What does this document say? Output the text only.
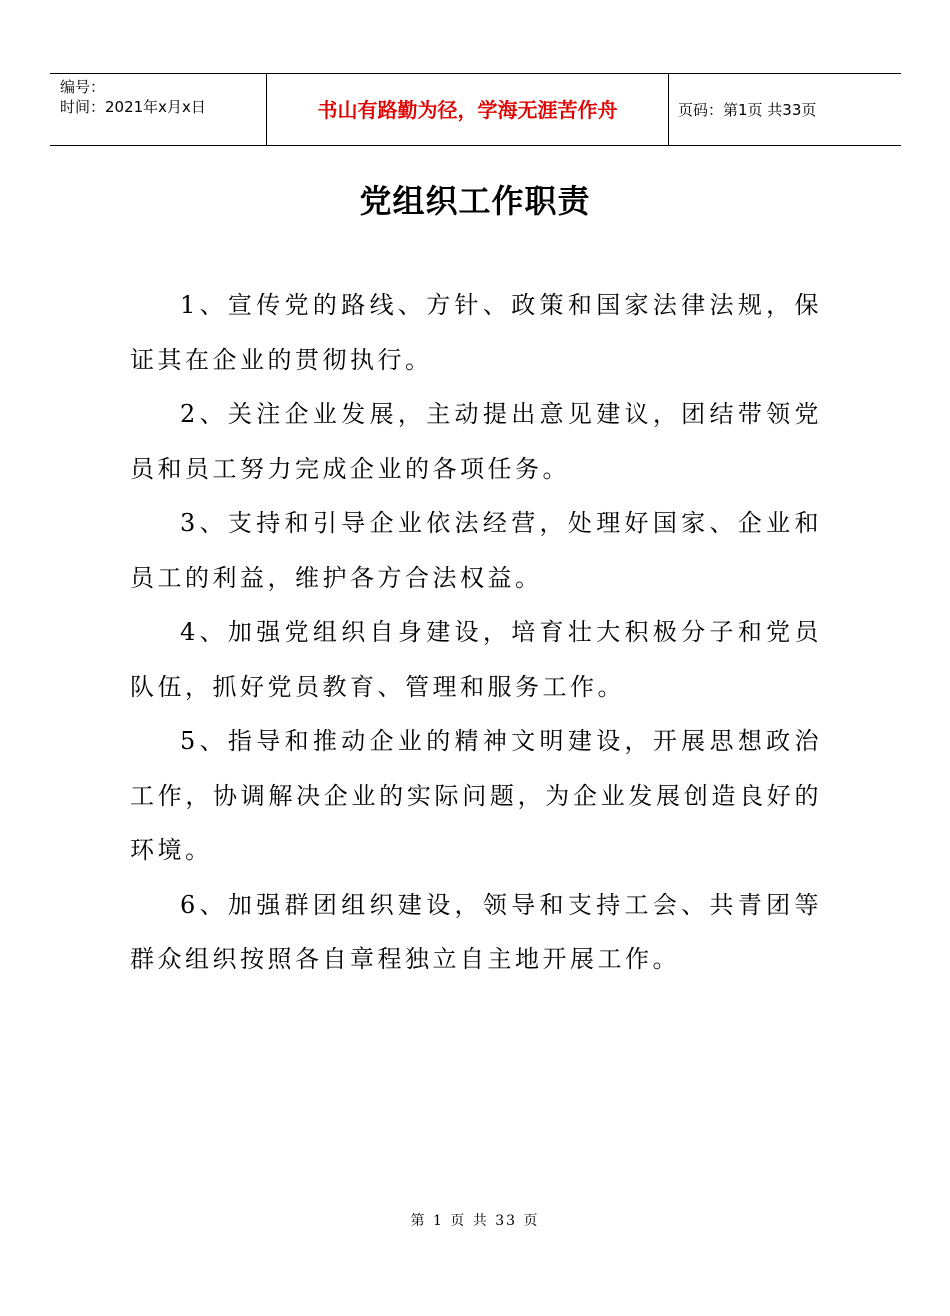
编号：
时间：2021年x月x日	书山有路勤为径，学海无涯苦作舟	页码：第1页 共33页
党组织工作职责

1、宣传党的路线、方针、政策和国家法律法规，保证其在企业的贯彻执行。

2、关注企业发展，主动提出意见建议，团结带领党员和员工努力完成企业的各项任务。

3、支持和引导企业依法经营，处理好国家、企业和员工的利益，维护各方合法权益。

4、加强党组织自身建设，培育壮大积极分子和党员队伍，抓好党员教育、管理和服务工作。

5、指导和推动企业的精神文明建设，开展思想政治工作，协调解决企业的实际问题，为企业发展创造良好的环境。

6、加强群团组织建设，领导和支持工会、共青团等群众组织按照各自章程独立自主地开展工作。

第 1 页 共 33 页
